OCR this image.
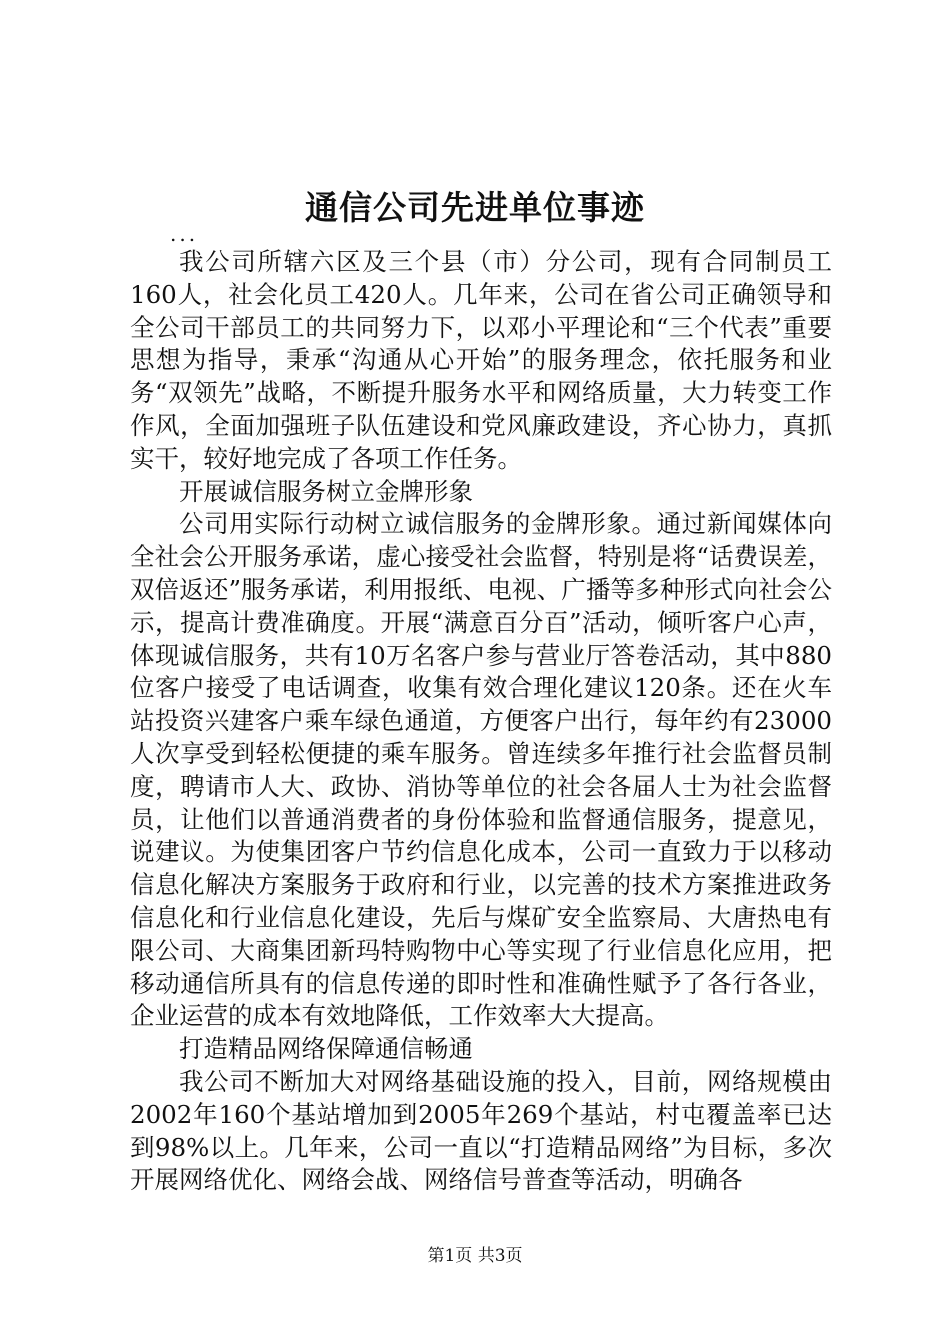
通信公司先进单位事迹

...

我公司所辖六区及三个县（市）分公司，现有合同制员工160人，社会化员工420人。几年来，公司在省公司正确领导和全公司干部员工的共同努力下，以邓小平理论和“三个代表”重要思想为指导，秉承“沟通从心开始”的服务理念，依托服务和业务“双领先”战略，不断提升服务水平和网络质量，大力转变工作作风，全面加强班子队伍建设和党风廉政建设，齐心协力，真抓实干，较好地完成了各项工作任务。

开展诚信服务树立金牌形象

公司用实际行动树立诚信服务的金牌形象。通过新闻媒体向全社会公开服务承诺，虚心接受社会监督，特别是将“话费误差，双倍返还”服务承诺，利用报纸、电视、广播等多种形式向社会公示，提高计费准确度。开展“满意百分百”活动，倾听客户心声，体现诚信服务，共有10万名客户参与营业厅答卷活动，其中880位客户接受了电话调查，收集有效合理化建议120条。还在火车站投资兴建客户乘车绿色通道，方便客户出行，每年约有23000人次享受到轻松便捷的乘车服务。曾连续多年推行社会监督员制度，聘请市人大、政协、消协等单位的社会各届人士为社会监督员，让他们以普通消费者的身份体验和监督通信服务，提意见，说建议。为使集团客户节约信息化成本，公司一直致力于以移动信息化解决方案服务于政府和行业，以完善的技术方案推进政务信息化和行业信息化建设，先后与煤矿安全监察局、大唐热电有限公司、大商集团新玛特购物中心等实现了行业信息化应用，把移动通信所具有的信息传递的即时性和准确性赋予了各行各业，企业运营的成本有效地降低，工作效率大大提高。

打造精品网络保障通信畅通

我公司不断加大对网络基础设施的投入，目前，网络规模由2002年160个基站增加到2005年269个基站，村屯覆盖率已达到98%以上。几年来，公司一直以“打造精品网络”为目标，多次开展网络优化、网络会战、网络信号普查等活动，明确各

第1页 共3页
